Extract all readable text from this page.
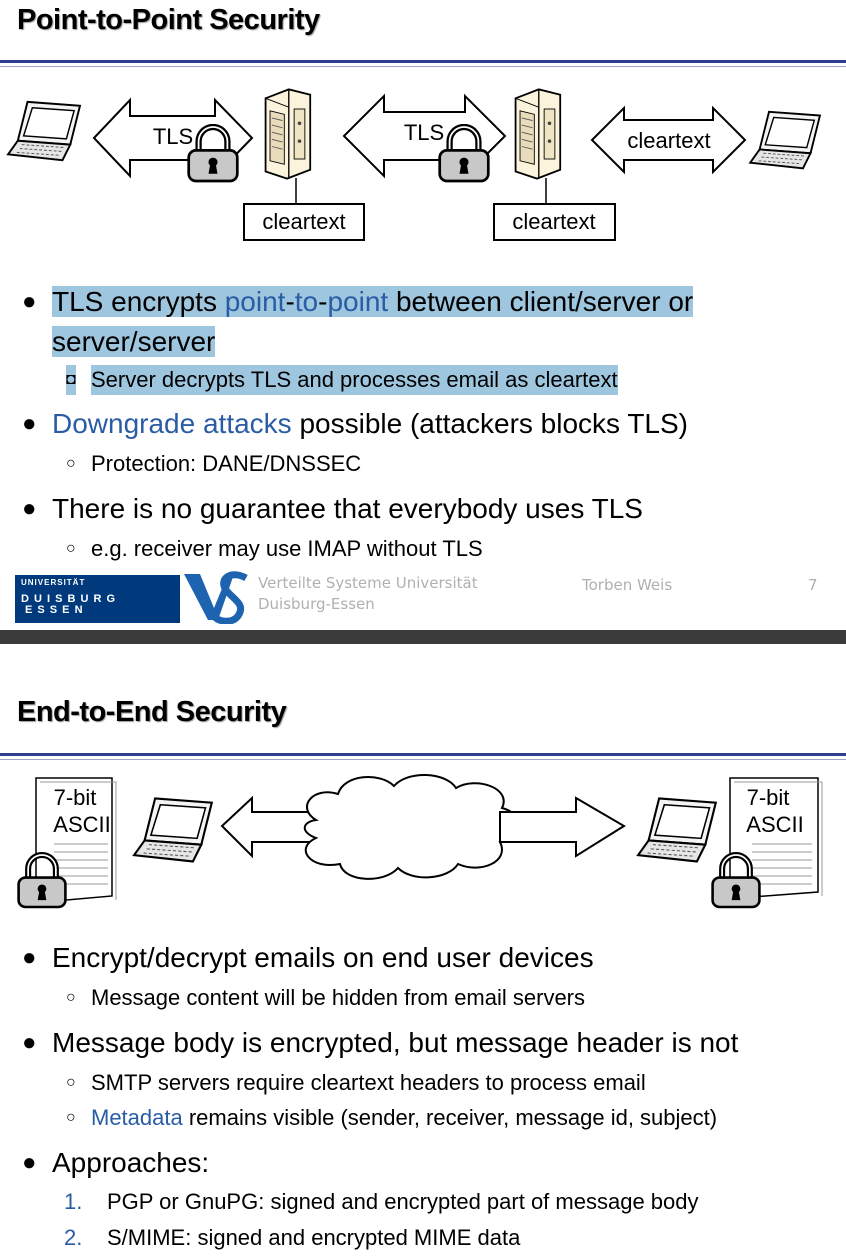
Point-to-Point Security
TLS	TLS	cleartext
cleartext	cleartext
● TLS encrypts point-to-point between client/server or
server/server
◘ Server decrypts TLS and processes email as cleartext
● Downgrade attacks possible (attackers blocks TLS)
○ Protection: DANE/DNSSEC
● There is no guarantee that everybody uses TLS
○ e.g. receiver may use IMAP without TLS
UNIVERSITÄT
D U I S B U R G
E S S E N
Verteilte Systeme Universität
Duisburg-Essen
Torben Weis	7
End-to-End Security
7-bit
ASCII
7-bit
ASCII
● Encrypt/decrypt emails on end user devices
○ Message content will be hidden from email servers
● Message body is encrypted, but message header is not
○ SMTP servers require cleartext headers to process email
○ Metadata remains visible (sender, receiver, message id, subject)
● Approaches:
1. PGP or GnuPG: signed and encrypted part of message body
2. S/MIME: signed and encrypted MIME data
